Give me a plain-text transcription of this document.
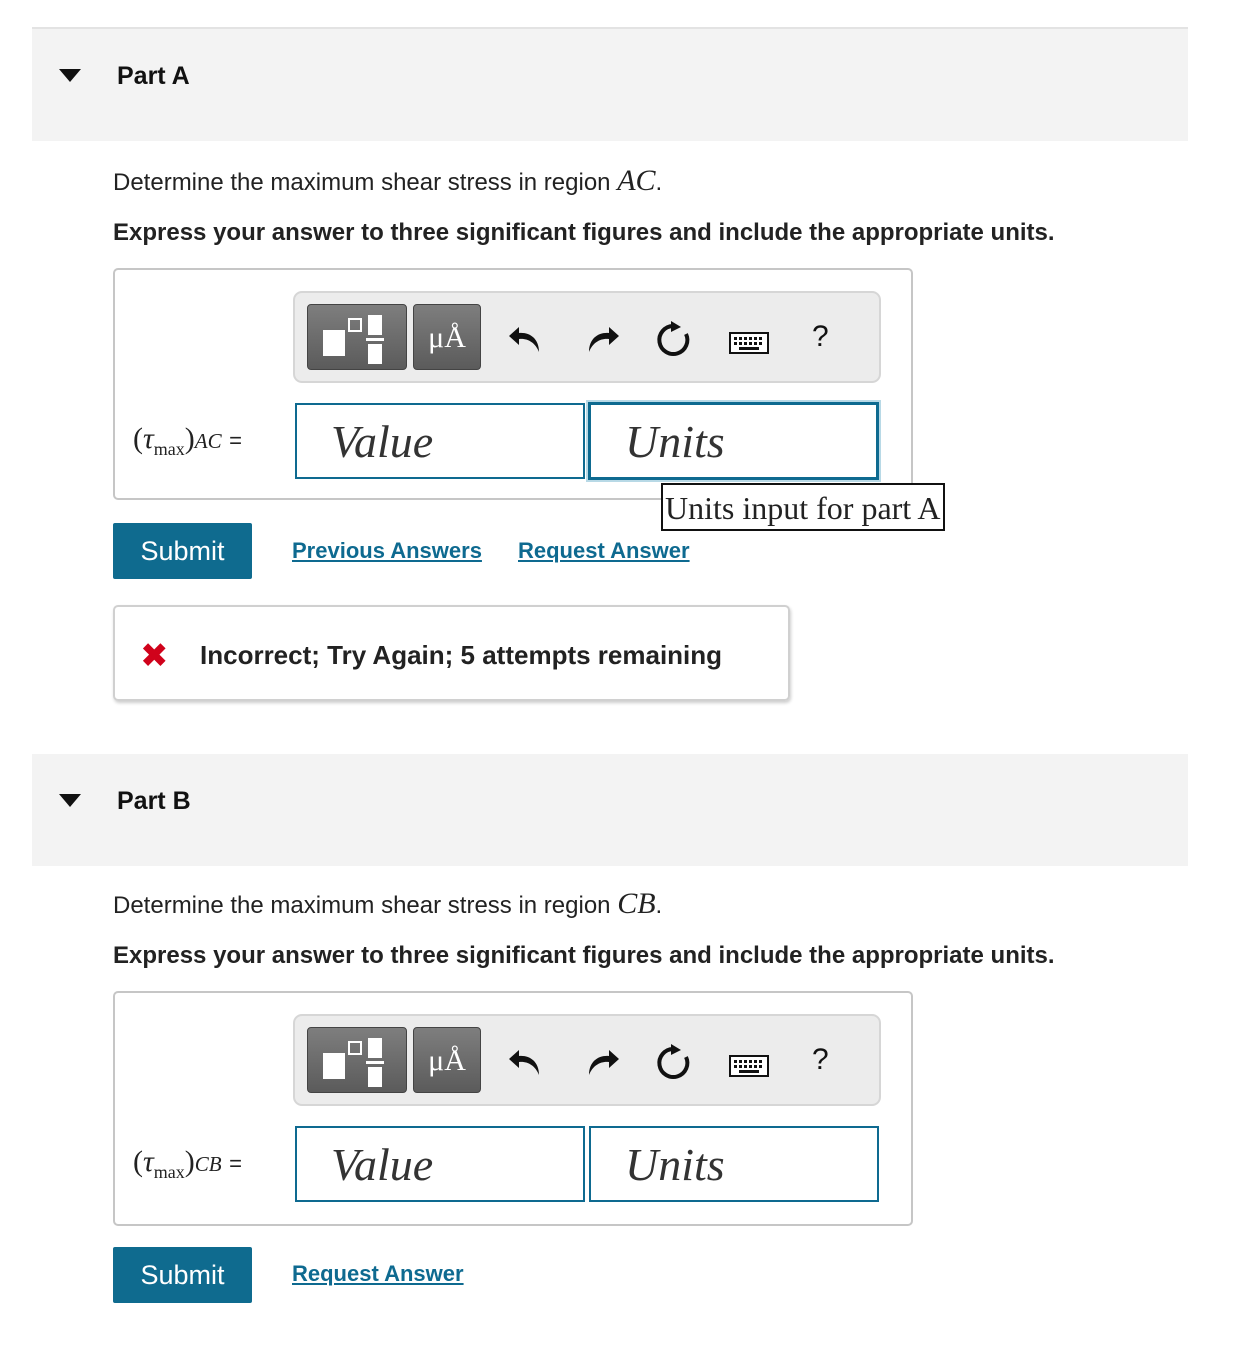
Part A
Determine the maximum shear stress in region AC.
Express your answer to three significant figures and include the appropriate units.
μÅ	?
$(\tau_{max})AC$ =
Value
Units
Units input for part A
Submit	Previous Answers Request Answer
✖ Incorrect; Try Again; 5 attempts remaining
Part B
Determine the maximum shear stress in region CB.
Express your answer to three significant figures and include the appropriate units.
μÅ	?
$(\tau_{max})CB$ =
Value
Units
Submit	Request Answer
